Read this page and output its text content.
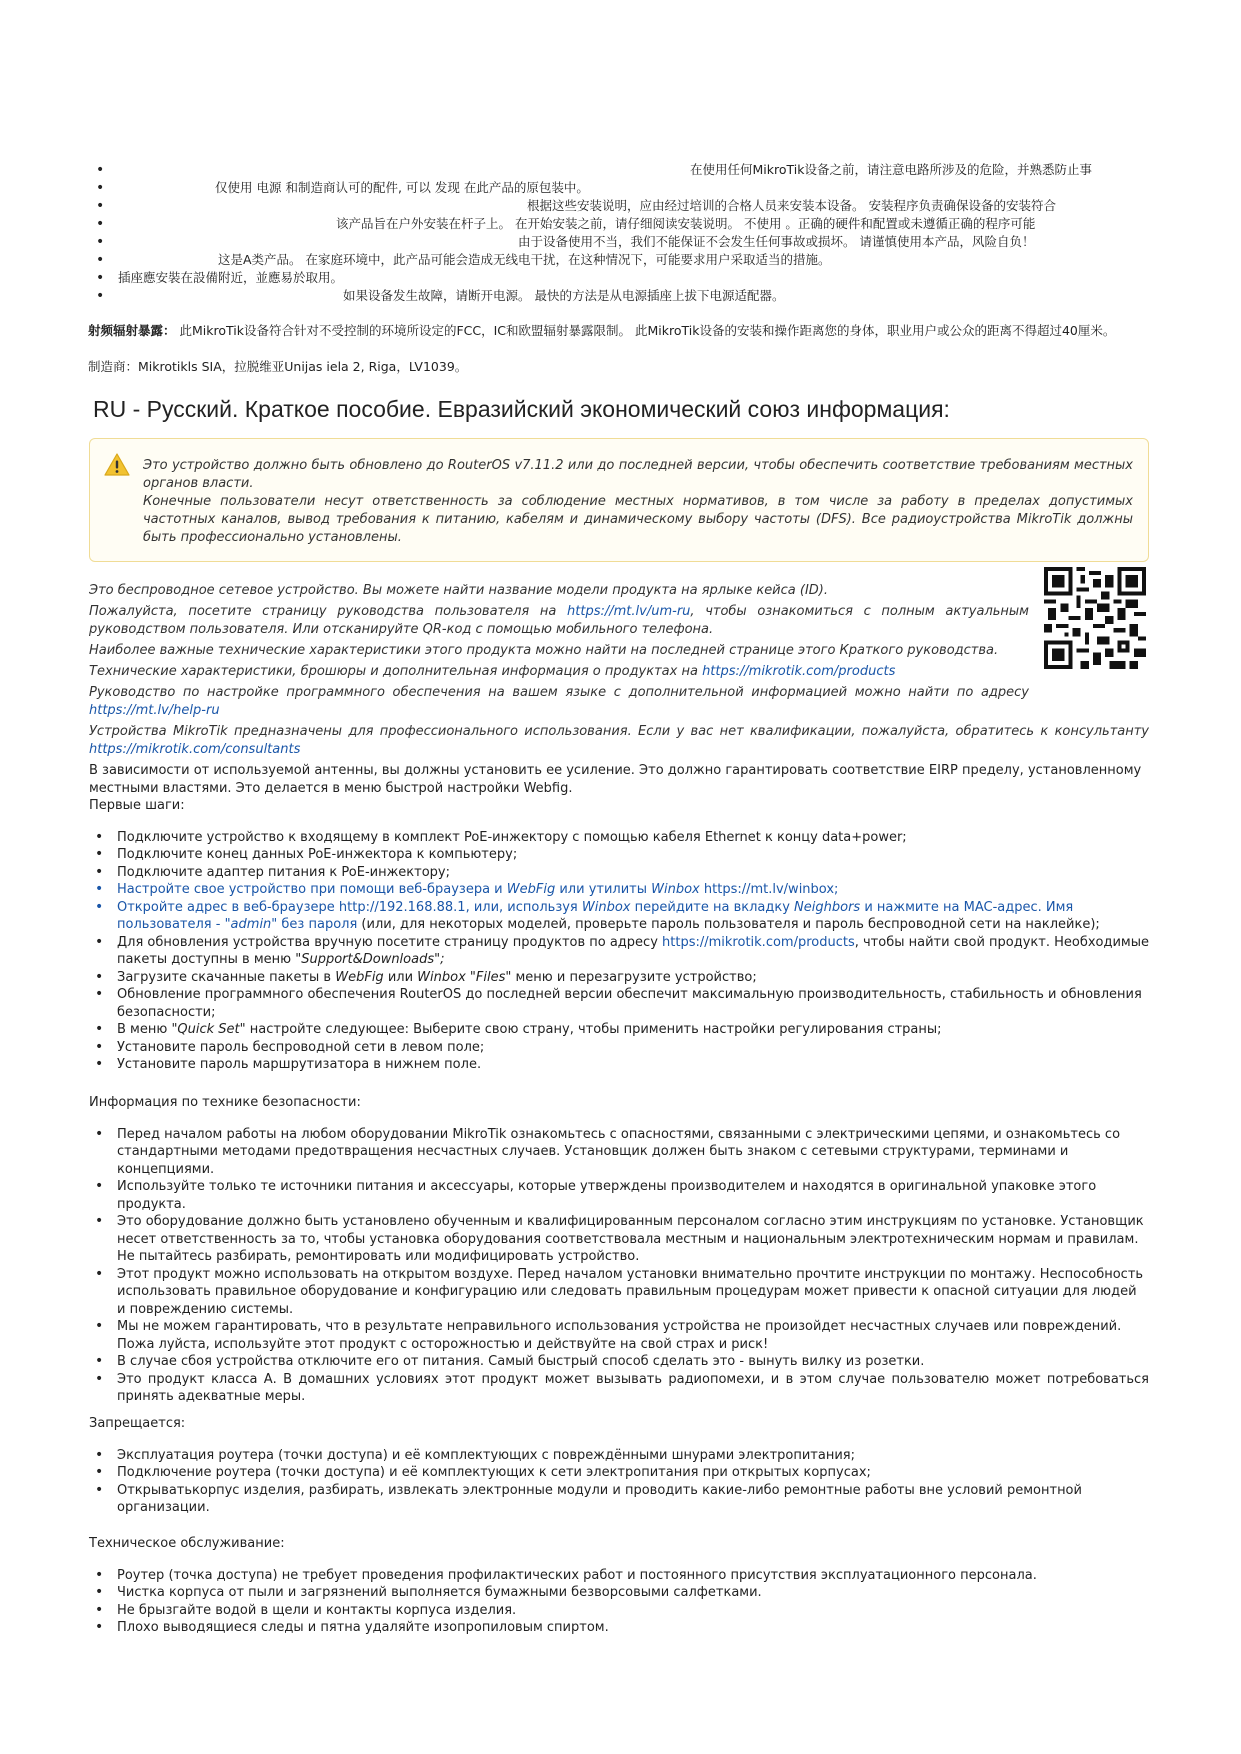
•	在使用任何MikroTik设备之前，请注意电路所涉及的危险，并熟悉防止事
•	仅使用 电源 和制造商认可的配件, 可以 发现 在此产品的原包装中。
•	根据这些安装说明，应由经过培训的合格人员来安装本设备。 安装程序负责确保设备的安装符合
•	该产品旨在户外安装在杆子上。 在开始安装之前，请仔细阅读安装说明。 不使用 。正确的硬件和配置或未遵循正确的程序可能
•	由于设备使用不当，我们不能保证不会发生任何事故或损坏。 请谨慎使用本产品，风险自负！
•	这是A类产品。 在家庭环境中，此产品可能会造成无线电干扰，在这种情况下，可能要求用户采取适当的措施。
• 插座應安裝在設備附近，並應易於取用。
•	如果设备发生故障，请断开电源。 最快的方法是从电源插座上拔下电源适配器。
射频辐射暴露： 此MikroTik设备符合针对不受控制的环境所设定的FCC，IC和欧盟辐射暴露限制。 此MikroTik设备的安装和操作距离您的身体，职业用户或公众的距离不得超过40厘米。
制造商：Mikrotikls SIA，拉脱维亚Unijas iela 2, Riga，LV1039。
RU - Русский. Краткое пособие. Евразийский экономический союз информация:

Это устройство должно быть обновлено до RouterOS v7.11.2 или до последней версии, чтобы обеспечить соответствие требованиям местных органов власти.

Конечные пользователи несут ответственность за соблюдение местных нормативов, в том числе за работу в пределах допустимых частотных каналов, вывод требования к питанию, кабелям и динамическому выбору частоты (DFS). Все радиоустройства MikroTik должны быть профессионально установлены.

Это беспроводное сетевое устройство. Вы можете найти название модели продукта на ярлыке кейса (ID).

Пожалуйста, посетите страницу руководства пользователя на https://mt.lv/um-ru, чтобы ознакомиться с полным актуальным руководством пользователя. Или отсканируйте QR-код с помощью мобильного телефона.

Наиболее важные технические характеристики этого продукта можно найти на последней странице этого Краткого руководства.

Технические характеристики, брошюры и дополнительная информация о продуктах на https://mikrotik.com/products

Руководство по настройке программного обеспечения на вашем языке с дополнительной информацией можно найти по адресу https://mt.lv/help-ru

Устройства MikroTik предназначены для профессионального использования. Если у вас нет квалификации, пожалуйста, обратитесь к консультанту https://mikrotik.com/consultants

В зависимости от используемой антенны, вы должны установить ее усиление. Это должно гарантировать соответствие EIRP пределу, установленному местными властями. Это делается в меню быстрой настройки Webfig.

Первые шаги:

• Подключите устройство к входящему в комплект PoE-инжектору с помощью кабеля Ethernet к концу data+power;
• Подключите конец данных PoE-инжектора к компьютеру;
• Подключите адаптер питания к PoE-инжектору;
• Настройте свое устройство при помощи веб-браузера и WebFig или утилиты Winbox https://mt.lv/winbox;
• Откройте адрес в веб-браузере http://192.168.88.1, или, используя Winbox перейдите на вкладку Neighbors и нажмите на MAC-адрес. Имя пользователя - "admin" без пароля (или, для некоторых моделей, проверьте пароль пользователя и пароль беспроводной сети на наклейке);
• Для обновления устройства вручную посетите страницу продуктов по адресу https://mikrotik.com/products, чтобы найти свой продукт. Необходимые пакеты доступны в меню "Support&Downloads";
• Загрузите скачанные пакеты в WebFig или Winbox "Files" меню и перезагрузите устройство;
• Обновление программного обеспечения RouterOS до последней версии обеспечит максимальную производительность, стабильность и обновления безопасности;
• В меню "Quick Set" настройте следующее: Выберите свою страну, чтобы применить настройки регулирования страны;
• Установите пароль беспроводной сети в левом поле;
• Установите пароль маршрутизатора в нижнем поле.

Информация по технике безопасности:

• Перед началом работы на любом оборудовании MikroTik ознакомьтесь с опасностями, связанными с электрическими цепями, и ознакомьтесь со стандартными методами предотвращения несчастных случаев. Установщик должен быть знаком с сетевыми структурами, терминами и концепциями.
• Используйте только те источники питания и аксессуары, которые утверждены производителем и находятся в оригинальной упаковке этого продукта.
• Это оборудование должно быть установлено обученным и квалифицированным персоналом согласно этим инструкциям по установке. Установщик несет ответственность за то, чтобы установка оборудования соответствовала местным и национальным электротехническим нормам и правилам. Не пытайтесь разбирать, ремонтировать или модифицировать устройство.
• Этот продукт можно использовать на открытом воздухе. Перед началом установки внимательно прочтите инструкции по монтажу. Неспособность использовать правильное оборудование и конфигурацию или следовать правильным процедурам может привести к опасной ситуации для людей и повреждению системы.
• Мы не можем гарантировать, что в результате неправильного использования устройства не произойдет несчастных случаев или повреждений. Пожа луйста, используйте этот продукт с осторожностью и действуйте на свой страх и риск!
• В случае сбоя устройства отключите его от питания. Самый быстрый способ сделать это - вынуть вилку из розетки.
• Это продукт класса А. В домашних условиях этот продукт может вызывать радиопомехи, и в этом случае пользователю может потребоваться принять адекватные меры.

Запрещается:

• Эксплуатация роутера (точки доступа) и её комплектующих с повреждёнными шнурами электропитания;
• Подключение роутера (точки доступа) и её комплектующих к сети электропитания при открытых корпусах;
• Открыватькорпус изделия, разбирать, извлекать электронные модули и проводить какие-либо ремонтные работы вне условий ремонтной организации.

Техническое обслуживание:

• Роутер (точка доступа) не требует проведения профилактических работ и постоянного присутствия эксплуатационного персонала.
• Чистка корпуса от пыли и загрязнений выполняется бумажными безворсовыми салфетками.
• Не брызгайте водой в щели и контакты корпуса изделия.
• Плохо выводящиеся следы и пятна удаляйте изопропиловым спиртом.
